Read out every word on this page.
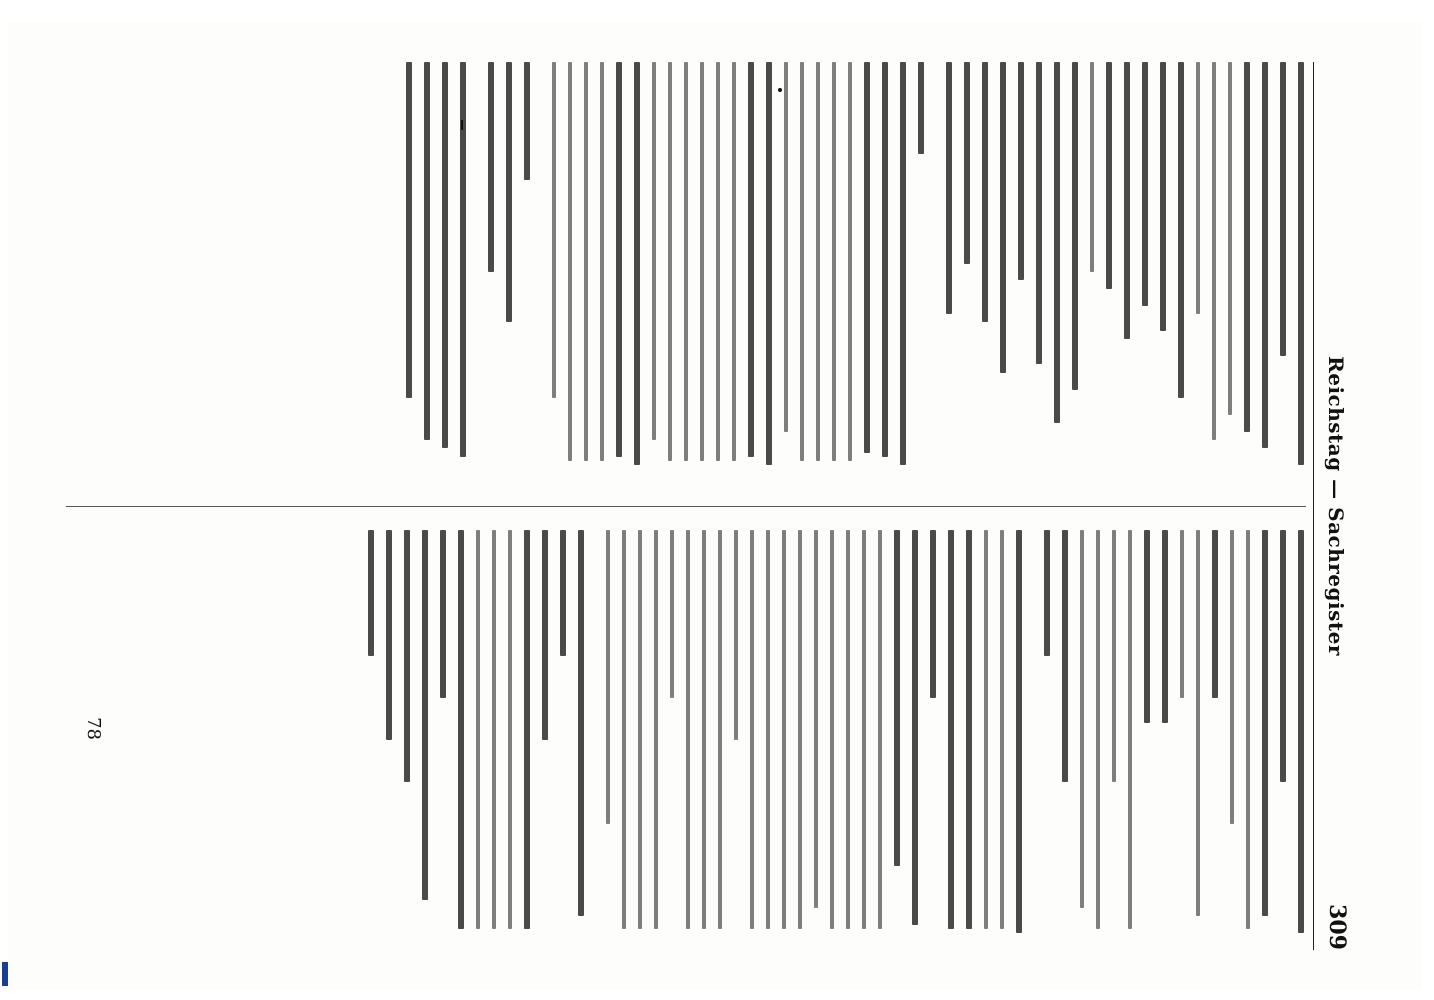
Reichstag — Sachregister
309
78
